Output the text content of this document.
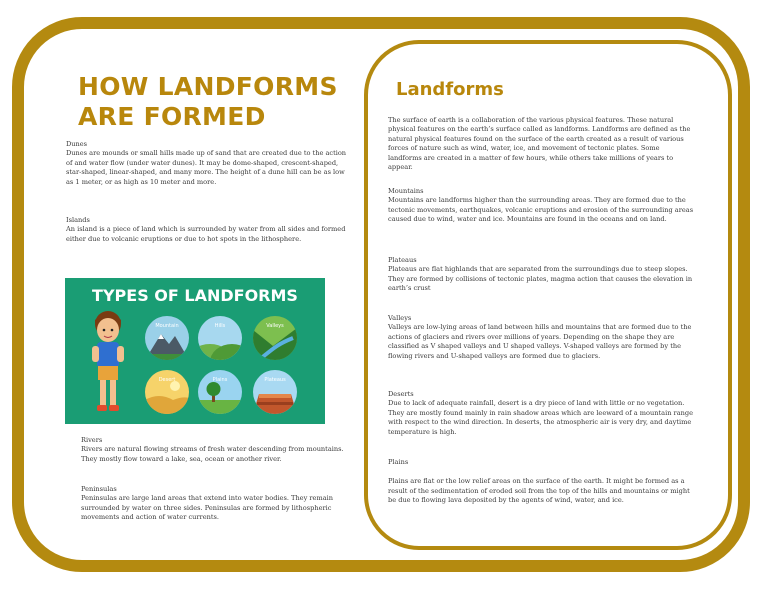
HOW LANDFORMS
ARE FORMED
Dunes

Dunes are mounds or small hills made up of sand that are created due to the action of and water flow (under water dunes). It may be dome-shaped, crescent-shaped, star-shaped, linear-shaped, and many more. The height of a dune hill can be as low as 1 meter, or as high as 10 meter and more.

Islands

An island is a piece of land which is surrounded by water from all sides and formed either due to volcanic eruptions or due to hot spots in the lithosphere.

TYPES OF LANDFORMS
Mountain	Hills	Valleys
Desert	Plains	Plateaus
Rivers

Rivers are natural flowing streams of fresh water descending from mountains. They mostly flow toward a lake, sea, ocean or another river.

Peninsulas

Peninsulas are large land areas that extend into water bodies. They remain surrounded by water on three sides. Peninsulas are formed by lithospheric movements and action of water currents.

Landforms

The surface of earth is a collaboration of the various physical features. These natural physical features on the earth’s surface called as landforms. Landforms are defined as the natural physical features found on the surface of the earth created as a result of various forces of nature such as wind, water, ice, and movement of tectonic plates. Some landforms are created in a matter of few hours, while others take millions of years to appear.

Mountains

Mountains are landforms higher than the surrounding areas. They are formed due to the tectonic movements, earthquakes, volcanic eruptions and erosion of the surrounding areas caused due to wind, water and ice. Mountains are found in the oceans and on land.

Plateaus

Plateaus are flat highlands that are separated from the surroundings due to steep slopes. They are formed by collisions of tectonic plates, magma action that causes the elevation in earth’s crust

Valleys

Valleys are low-lying areas of land between hills and mountains that are formed due to the actions of glaciers and rivers over millions of years. Depending on the shape they are classified as V shaped valleys and U shaped valleys. V-shaped valleys are formed by the flowing rivers and U-shaped valleys are formed due to glaciers.

Deserts

Due to lack of adequate rainfall, desert is a dry piece of land with little or no vegetation. They are mostly found mainly in rain shadow areas which are leeward of a mountain range with respect to the wind direction. In deserts, the atmospheric air is very dry, and daytime temperature is high.

Plains

Plains are flat or the low relief areas on the surface of the earth. It might be formed as a result of the sedimentation of eroded soil from the top of the hills and mountains or might be due to flowing lava deposited by the agents of wind, water, and ice.
